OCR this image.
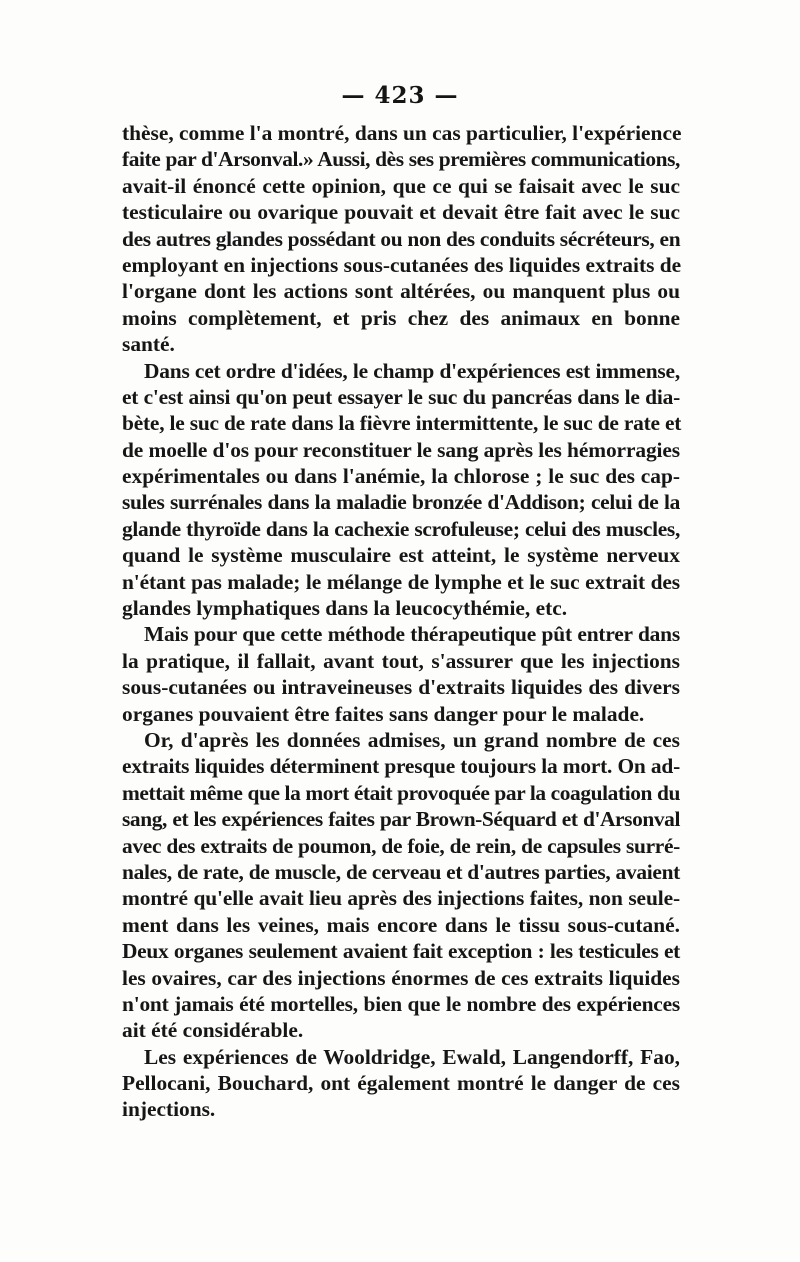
— 423 —
thèse, comme l'a montré, dans un cas particulier, l'expérience
faite par d'Arsonval.» Aussi, dès ses premières communications,
avait-il énoncé cette opinion, que ce qui se faisait avec le suc
testiculaire ou ovarique pouvait et devait être fait avec le suc
des autres glandes possédant ou non des conduits sécréteurs, en
employant en injections sous-cutanées des liquides extraits de
l'organe dont les actions sont altérées, ou manquent plus ou
moins complètement, et pris chez des animaux en bonne
santé.
Dans cet ordre d'idées, le champ d'expériences est immense,
et c'est ainsi qu'on peut essayer le suc du pancréas dans le dia-
bète, le suc de rate dans la fièvre intermittente, le suc de rate et
de moelle d'os pour reconstituer le sang après les hémorragies
expérimentales ou dans l'anémie, la chlorose ; le suc des cap-
sules surrénales dans la maladie bronzée d'Addison; celui de la
glande thyroïde dans la cachexie scrofuleuse; celui des muscles,
quand le système musculaire est atteint, le système nerveux
n'étant pas malade; le mélange de lymphe et le suc extrait des
glandes lymphatiques dans la leucocythémie, etc.
Mais pour que cette méthode thérapeutique pût entrer dans
la pratique, il fallait, avant tout, s'assurer que les injections
sous-cutanées ou intraveineuses d'extraits liquides des divers
organes pouvaient être faites sans danger pour le malade.
Or, d'après les données admises, un grand nombre de ces
extraits liquides déterminent presque toujours la mort. On ad-
mettait même que la mort était provoquée par la coagulation du
sang, et les expériences faites par Brown-Séquard et d'Arsonval
avec des extraits de poumon, de foie, de rein, de capsules surré-
nales, de rate, de muscle, de cerveau et d'autres parties, avaient
montré qu'elle avait lieu après des injections faites, non seule-
ment dans les veines, mais encore dans le tissu sous-cutané.
Deux organes seulement avaient fait exception : les testicules et
les ovaires, car des injections énormes de ces extraits liquides
n'ont jamais été mortelles, bien que le nombre des expériences
ait été considérable.
Les expériences de Wooldridge, Ewald, Langendorff, Fao,
Pellocani, Bouchard, ont également montré le danger de ces
injections.
